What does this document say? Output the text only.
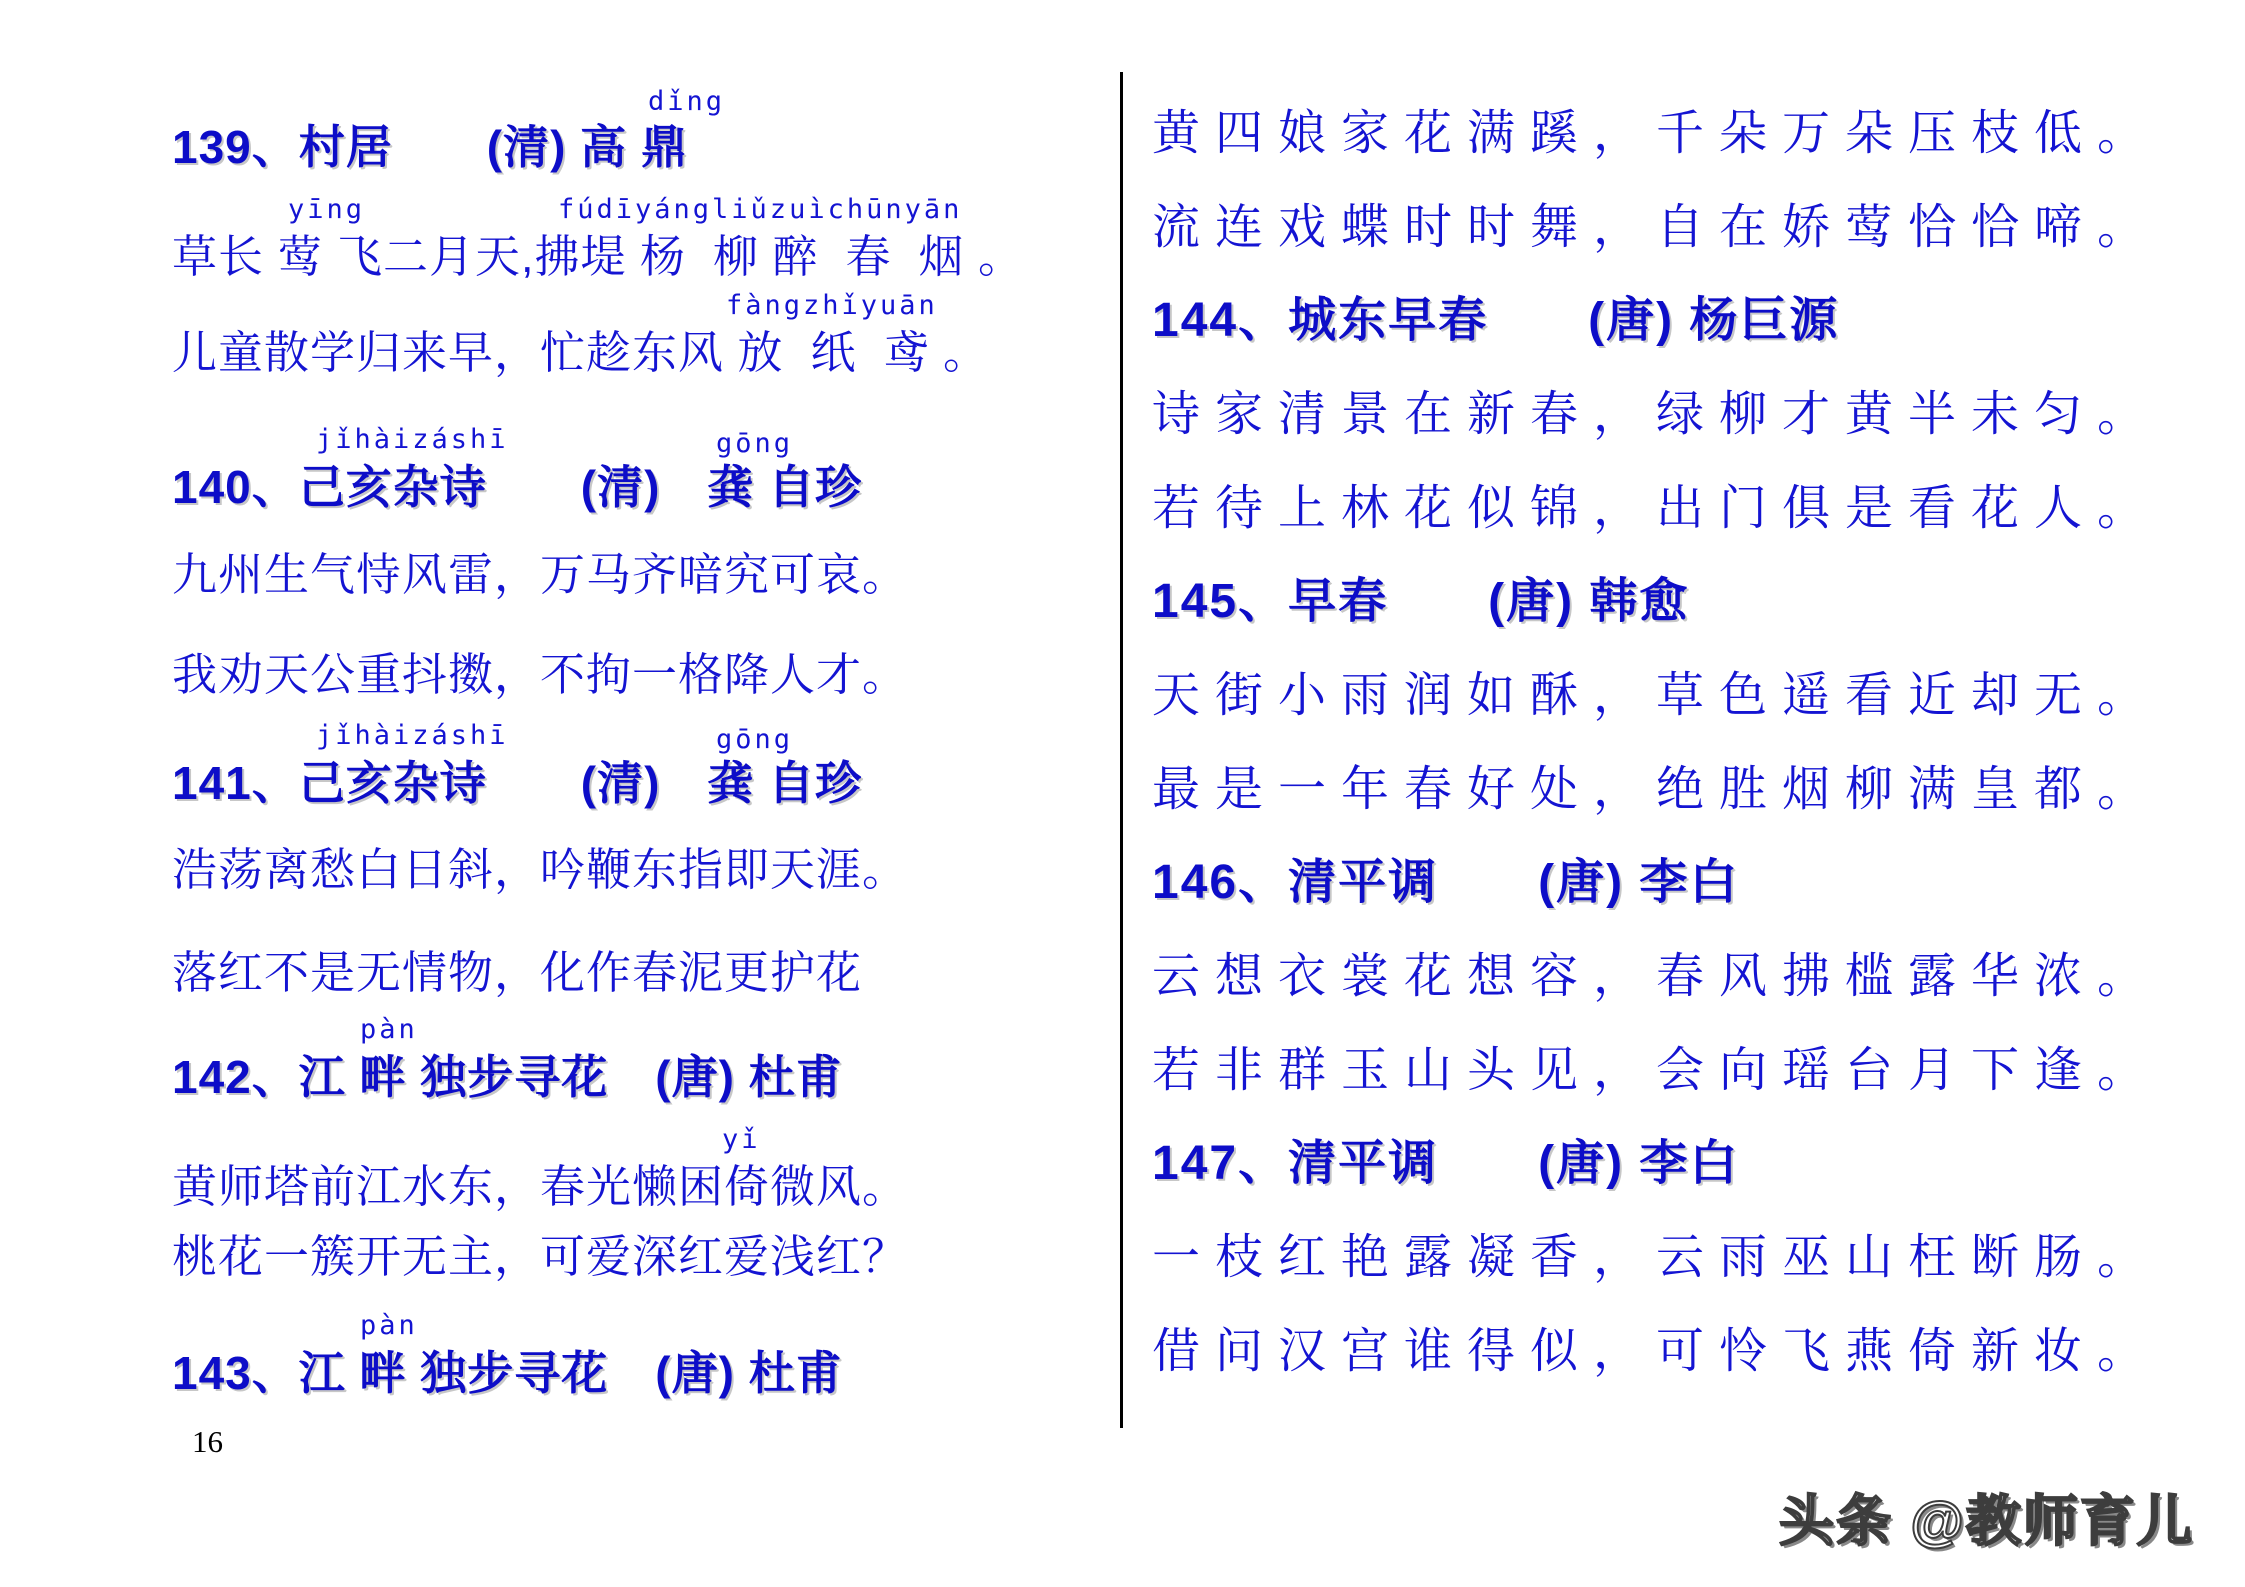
139、村居　　(清) 高 鼎
dǐng
草长 莺 飞二月天,拂堤 杨  柳 醉  春  烟 。
yīng	fúdīyángliǔzuìchūnyān
儿童散学归来早，忙趁东风 放  纸  鸢 。
fàngzhǐyuān
140、己亥杂诗　　(清)　龚 自珍
jǐhàizáshī	gōng
九州生气恃风雷，万马齐喑究可哀。
我劝天公重抖擞，不拘一格降人才。
141、己亥杂诗　　(清)　龚 自珍
jǐhàizáshī	gōng
浩荡离愁白日斜，吟鞭东指即天涯。
落红不是无情物，化作春泥更护花
142、江 畔 独步寻花　(唐) 杜甫
pàn
黄师塔前江水东，春光懒困倚微风。
yǐ
桃花一簇开无主，可爱深红爱浅红？
143、江 畔 独步寻花　(唐) 杜甫
pàn
黄四娘家花满蹊，千朵万朵压枝低。
流连戏蝶时时舞，自在娇莺恰恰啼。
144、城东早春　　(唐) 杨巨源
诗家清景在新春，绿柳才黄半未匀。
若待上林花似锦，出门俱是看花人。
145、早春　　(唐) 韩愈
天街小雨润如酥，草色遥看近却无。
最是一年春好处，绝胜烟柳满皇都。
146、清平调　　(唐) 李白
云想衣裳花想容，春风拂槛露华浓。
若非群玉山头见，会向瑶台月下逢。
147、清平调　　(唐) 李白
一枝红艳露凝香，云雨巫山枉断肠。
借问汉宫谁得似，可怜飞燕倚新妆。
16
头条 @教师育儿
